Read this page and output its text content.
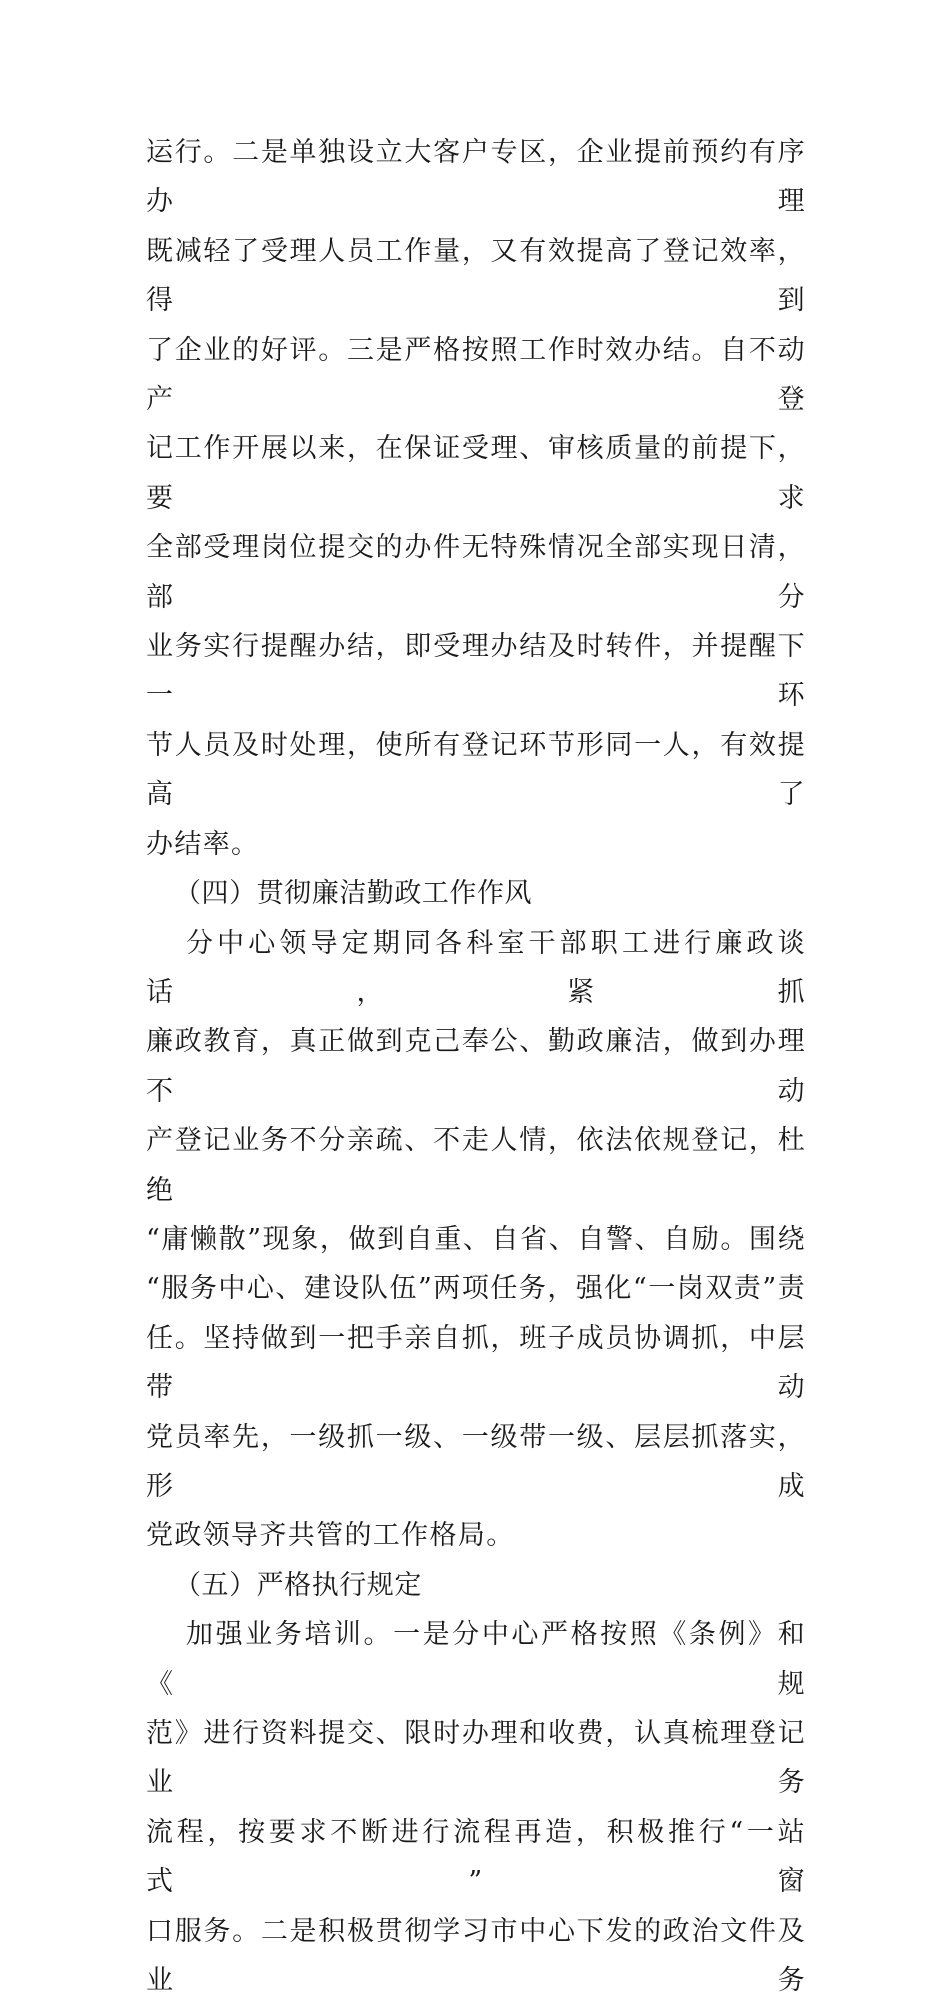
运行。二是单独设立大客户专区，企业提前预约有序办理

既减轻了受理人员工作量，又有效提高了登记效率，得到

了企业的好评。三是严格按照工作时效办结。自不动产登

记工作开展以来，在保证受理、审核质量的前提下，要求

全部受理岗位提交的办件无特殊情况全部实现日清，部分

业务实行提醒办结，即受理办结及时转件，并提醒下一环

节人员及时处理，使所有登记环节形同一人，有效提高了

办结率。

（四）贯彻廉洁勤政工作作风

分中心领导定期同各科室干部职工进行廉政谈话，紧抓

廉政教育，真正做到克己奉公、勤政廉洁，做到办理不动

产登记业务不分亲疏、不走人情，依法依规登记，杜绝

“庸懒散”现象，做到自重、自省、自警、自励。围绕

“服务中心、建设队伍”两项任务，强化“一岗双责”责

任。坚持做到一把手亲自抓，班子成员协调抓，中层带动

党员率先，一级抓一级、一级带一级、层层抓落实，形成

党政领导齐共管的工作格局。

（五）严格执行规定

加强业务培训。一是分中心严格按照《条例》和《规

范》进行资料提交、限时办理和收费，认真梳理登记业务

流程，按要求不断进行流程再造，积极推行“一站式”窗

口服务。二是积极贯彻学习市中心下发的政治文件及业务
